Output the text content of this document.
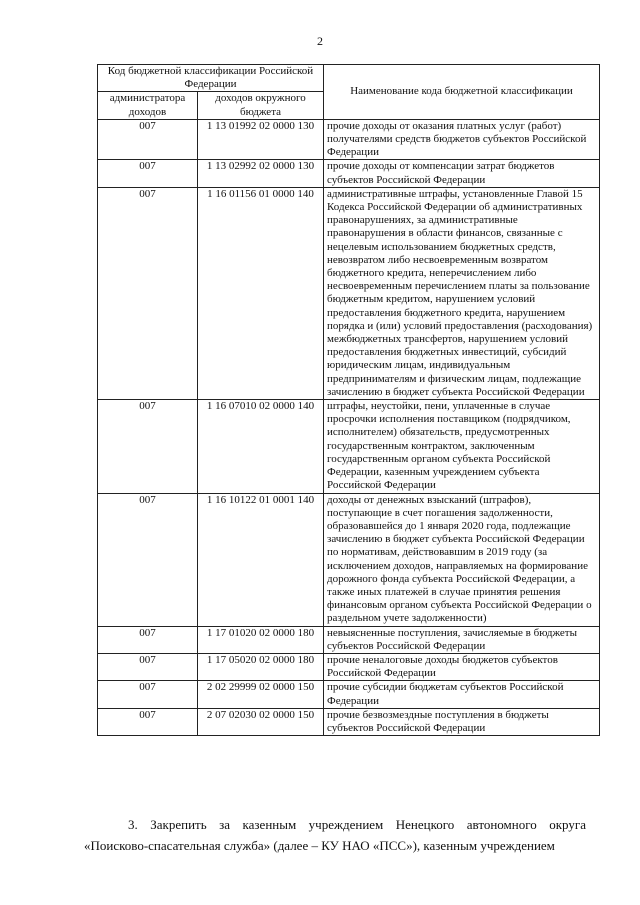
2
Код бюджетной классификации Российской Федерации		Наименование кода бюджетной классификации
администратора доходов	доходов окружного бюджета	
007	1 13 01992 02 0000 130	прочие доходы от оказания платных услуг (работ) получателями средств бюджетов субъектов Российской Федерации
007	1 13 02992 02 0000 130	прочие доходы от компенсации затрат бюджетов субъектов Российской Федерации
007	1 16 01156 01 0000 140	административные штрафы, установленные Главой 15 Кодекса Российской Федерации об административных правонарушениях, за административные правонарушения в области финансов, связанные с нецелевым использованием бюджетных средств, невозвратом либо несвоевременным возвратом бюджетного кредита, неперечислением либо несвоевременным перечислением платы за пользование бюджетным кредитом, нарушением условий предоставления бюджетного кредита, нарушением порядка и (или) условий предоставления (расходования) межбюджетных трансфертов, нарушением условий предоставления бюджетных инвестиций, субсидий юридическим лицам, индивидуальным предпринимателям и физическим лицам, подлежащие зачислению в бюджет субъекта Российской Федерации
007	1 16 07010 02 0000 140	штрафы, неустойки, пени, уплаченные в случае просрочки исполнения поставщиком (подрядчиком, исполнителем) обязательств, предусмотренных государственным контрактом, заключенным государственным органом субъекта Российской Федерации, казенным учреждением субъекта Российской Федерации
007	1 16 10122 01 0001 140	доходы от денежных взысканий (штрафов), поступающие в счет погашения задолженности, образовавшейся до 1 января 2020 года, подлежащие зачислению в бюджет субъекта Российской Федерации по нормативам, действовавшим в 2019 году (за исключением доходов, направляемых на формирование дорожного фонда субъекта Российской Федерации, а также иных платежей в случае принятия решения финансовым органом субъекта Российской Федерации о раздельном учете задолженности)
007	1 17 01020 02 0000 180	невыясненные поступления, зачисляемые в бюджеты субъектов Российской Федерации
007	1 17 05020 02 0000 180	прочие неналоговые доходы бюджетов субъектов Российской Федерации
007	2 02 29999 02 0000 150	прочие субсидии бюджетам субъектов Российской Федерации
007	2 07 02030 02 0000 150	прочие безвозмездные поступления в бюджеты субъектов Российской Федерации

3. Закрепить за казенным учреждением Ненецкого автономного округа «Поисково-спасательная служба» (далее – КУ НАО «ПСС»), казенным учреждением
